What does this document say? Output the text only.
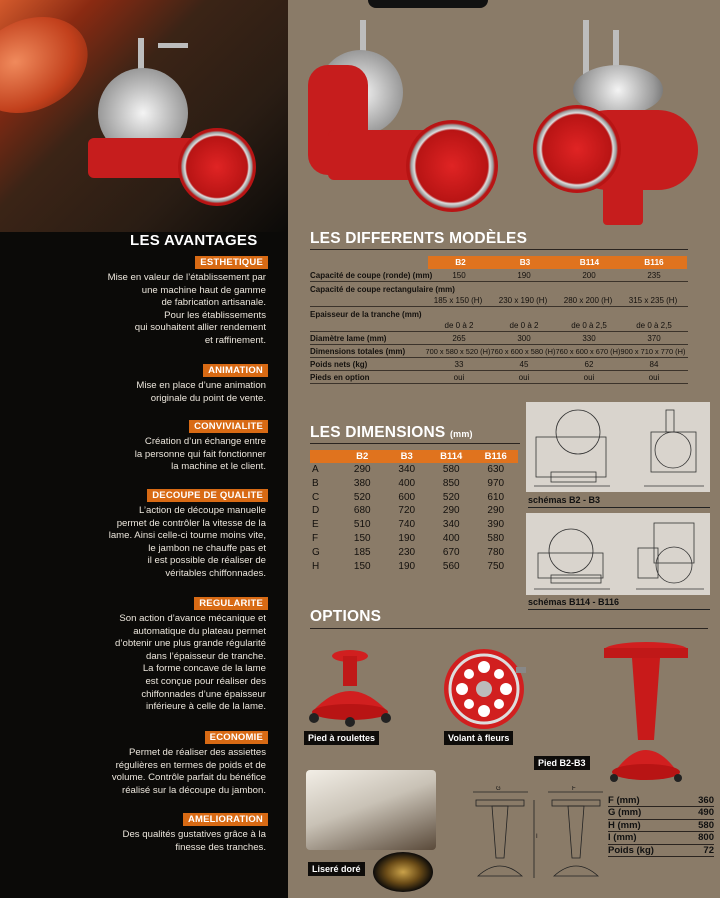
LES AVANTAGES
ESTHETIQUE
Mise en valeur de l’établissement par
une machine haut de gamme
de fabrication artisanale.
Pour les établissements
qui souhaitent allier rendement
et raffinement.
ANIMATION
Mise en place d’une animation
originale du point de vente.
CONVIVIALITE
Création d’un échange entre
la personne qui fait fonctionner
la machine et le client.
DECOUPE DE QUALITE
L’action de découpe manuelle
permet de contrôler la vitesse de la
lame. Ainsi celle-ci tourne moins vite,
le jambon ne chauffe pas et
il est possible de réaliser de
véritables chiffonnades.
REGULARITE
Son action d’avance mécanique et
automatique du plateau permet
d’obtenir une plus grande régularité
dans l’épaisseur de tranche.
La forme concave de la lame
est conçue pour réaliser des
chiffonnades d’une épaisseur
inférieure à celle de la lame.
ECONOMIE
Permet de réaliser des assiettes
régulières en termes de poids et de
volume. Contrôle parfait du bénéfice
réalisé sur la découpe du jambon.
AMELIORATION
Des qualités gustatives grâce à la
finesse des tranches.
LES DIFFERENTS MODÈLES
B2	B3	B114	B116
Capacité de coupe (ronde) (mm)	150	190	200	235
Capacité de coupe rectangulaire (mm)
185 x 150 (H)	230 x 190 (H)	280 x 200 (H)	315 x 235 (H)
Epaisseur de la tranche (mm)
de 0 à 2	de 0 à 2	de 0 à 2,5	de 0 à 2,5
Diamètre lame (mm)	265	300	330	370
Dimensions totales (mm)	700 x 580 x 520 (H) 760 x 600 x 580 (H) 760 x 600 x 670 (H) 900 x 710 x 770 (H)
Poids nets (kg)	33	45	62	84
Pieds en option	oui	oui	oui	oui
LES DIMENSIONS (mm)
B2	B3	B114	B116
A	290	340	580	630
B	380	400	850	970
C	520	600	520	610
D	680	720	290	290
E	510	740	340	390
F	150	190	400	580
G	185	230	670	780
H	150	190	560	750
schémas B2 - B3
schémas B114 - B116
OPTIONS
Pied à roulettes	Volant à fleurs
Pied B2-B3
Liseré doré
G	F
I
F (mm)	360
G (mm)	490
H (mm)	580
I (mm)	800
Poids (kg)	72
